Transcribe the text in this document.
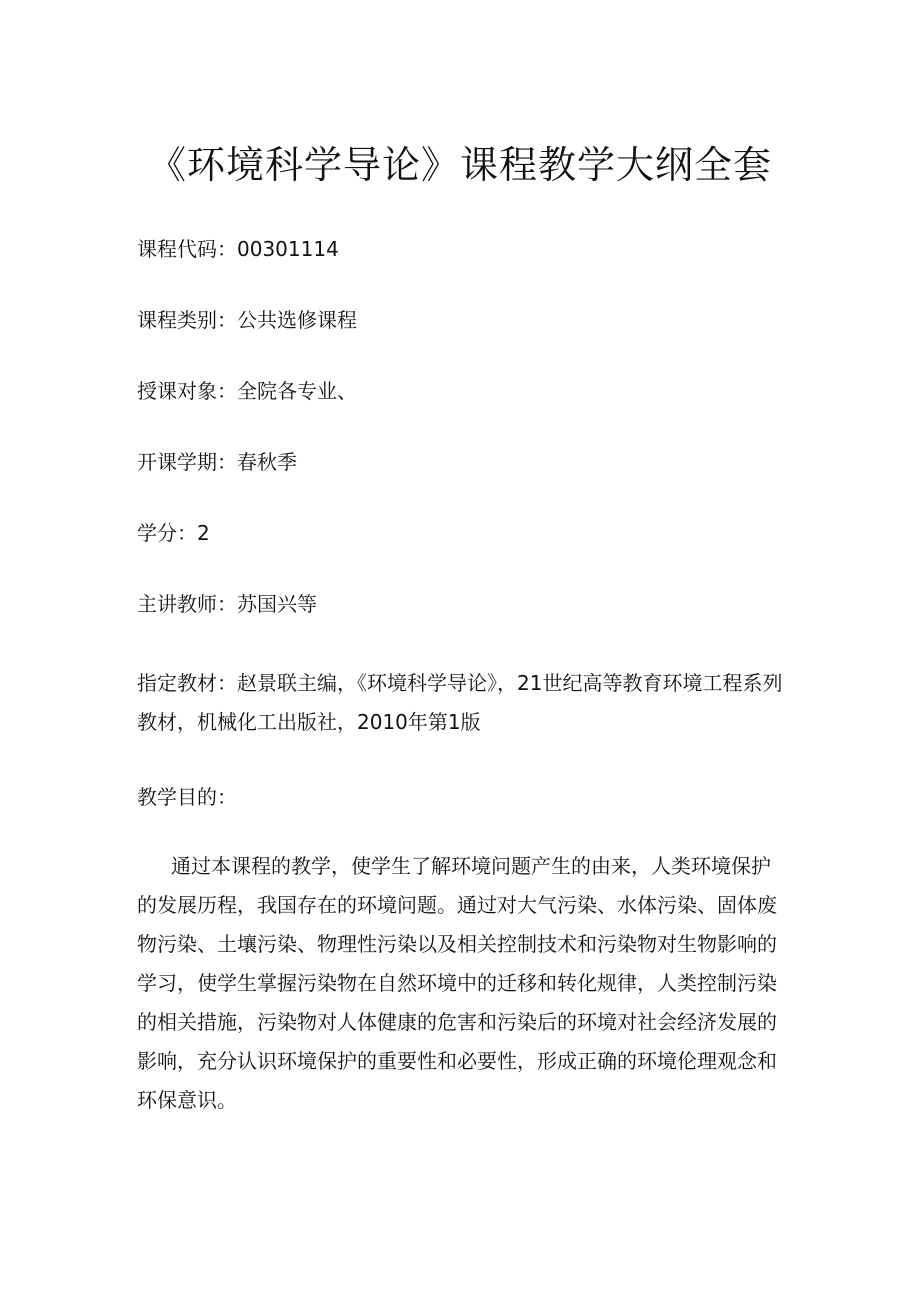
《环境科学导论》课程教学大纲全套
课程代码：00301114
课程类别：公共选修课程
授课对象：全院各专业、
开课学期：春秋季
学分：2
主讲教师：苏国兴等
指定教材：赵景联主编，《环境科学导论》，21世纪高等教育环境工程系列教材，机械化工出版社，2010年第1版
教学目的：
通过本课程的教学，使学生了解环境问题产生的由来，人类环境保护的发展历程，我国存在的环境问题。通过对大气污染、水体污染、固体废物污染、土壤污染、物理性污染以及相关控制技术和污染物对生物影响的学习，使学生掌握污染物在自然环境中的迁移和转化规律，人类控制污染的相关措施，污染物对人体健康的危害和污染后的环境对社会经济发展的影响，充分认识环境保护的重要性和必要性，形成正确的环境伦理观念和环保意识。
